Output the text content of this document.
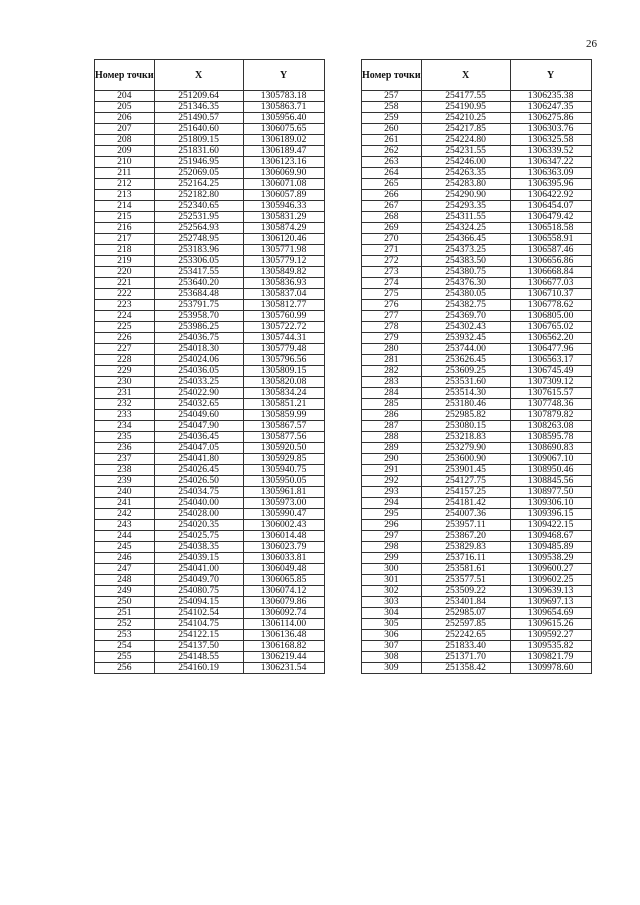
26
Номер точки	X	Y
204	251209.64	1305783.18
205	251346.35	1305863.71
206	251490.57	1305956.40
207	251640.60	1306075.65
208	251809.15	1306189.02
209	251831.60	1306189.47
210	251946.95	1306123.16
211	252069.05	1306069.90
212	252164.25	1306071.08
213	252182.80	1306057.89
214	252340.65	1305946.33
215	252531.95	1305831.29
216	252564.93	1305874.29
217	252748.95	1306120.46
218	253183.96	1305771.98
219	253306.05	1305779.12
220	253417.55	1305849.82
221	253640.20	1305836.93
222	253684.48	1305837.04
223	253791.75	1305812.77
224	253958.70	1305760.99
225	253986.25	1305722.72
226	254036.75	1305744.31
227	254018.30	1305779.48
228	254024.06	1305796.56
229	254036.05	1305809.15
230	254033.25	1305820.08
231	254022.90	1305834.24
232	254032.65	1305851.21
233	254049.60	1305859.99
234	254047.90	1305867.57
235	254036.45	1305877.56
236	254047.05	1305920.50
237	254041.80	1305929.85
238	254026.45	1305940.75
239	254026.50	1305950.05
240	254034.75	1305961.81
241	254040.00	1305973.00
242	254028.00	1305990.47
243	254020.35	1306002.43
244	254025.75	1306014.48
245	254038.35	1306023.79
246	254039.15	1306033.81
247	254041.00	1306049.48
248	254049.70	1306065.85
249	254080.75	1306074.12
250	254094.15	1306079.86
251	254102.54	1306092.74
252	254104.75	1306114.00
253	254122.15	1306136.48
254	254137.50	1306168.82
255	254148.55	1306219.44
256	254160.19	1306231.54
Номер точки	X	Y
257	254177.55	1306235.38
258	254190.95	1306247.35
259	254210.25	1306275.86
260	254217.85	1306303.76
261	254224.80	1306325.58
262	254231.55	1306339.52
263	254246.00	1306347.22
264	254263.35	1306363.09
265	254283.80	1306395.96
266	254290.90	1306422.92
267	254293.35	1306454.07
268	254311.55	1306479.42
269	254324.25	1306518.58
270	254366.45	1306558.91
271	254373.25	1306587.46
272	254383.50	1306656.86
273	254380.75	1306668.84
274	254376.30	1306677.03
275	254380.05	1306710.37
276	254382.75	1306778.62
277	254369.70	1306805.00
278	254302.43	1306765.02
279	253932.45	1306562.20
280	253744.00	1306477.96
281	253626.45	1306563.17
282	253609.25	1306745.49
283	253531.60	1307309.12
284	253514.30	1307615.57
285	253180.46	1307748.36
286	252985.82	1307879.82
287	253080.15	1308263.08
288	253218.83	1308595.78
289	253279.90	1308690.83
290	253600.90	1309067.10
291	253901.45	1308950.46
292	254127.75	1308845.56
293	254157.25	1308977.50
294	254181.42	1309306.10
295	254007.36	1309396.15
296	253957.11	1309422.15
297	253867.20	1309468.67
298	253829.83	1309485.89
299	253716.11	1309538.29
300	253581.61	1309600.27
301	253577.51	1309602.25
302	253509.22	1309639.13
303	253401.84	1309697.13
304	252985.07	1309654.69
305	252597.85	1309615.26
306	252242.65	1309592.27
307	251833.40	1309535.82
308	251371.70	1309821.79
309	251358.42	1309978.60
